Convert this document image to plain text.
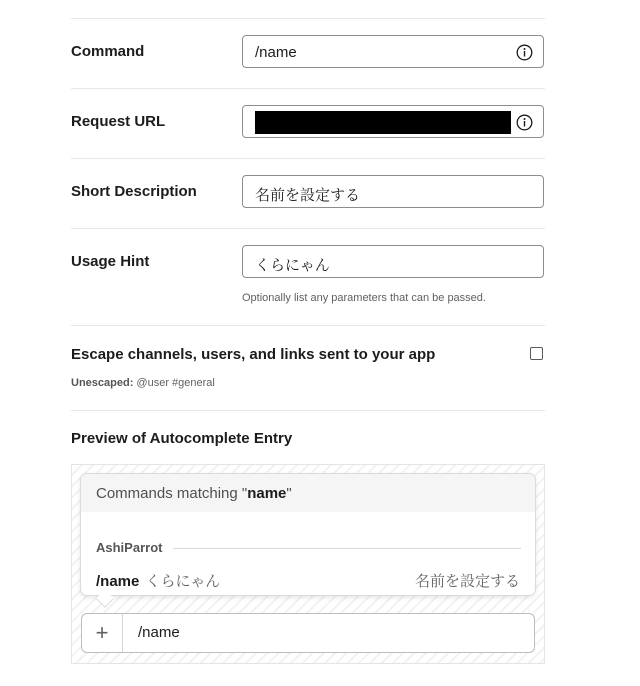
Command	/name
Request URL
Short Description	名前を設定する
Usage Hint	くらにゃん
Optionally list any parameters that can be passed.
Escape channels, users, and links sent to your app
Unescaped: @user #general
Preview of Autocomplete Entry
Commands matching "name"
AshiParrot
/name くらにゃん	名前を設定する
+	/name
